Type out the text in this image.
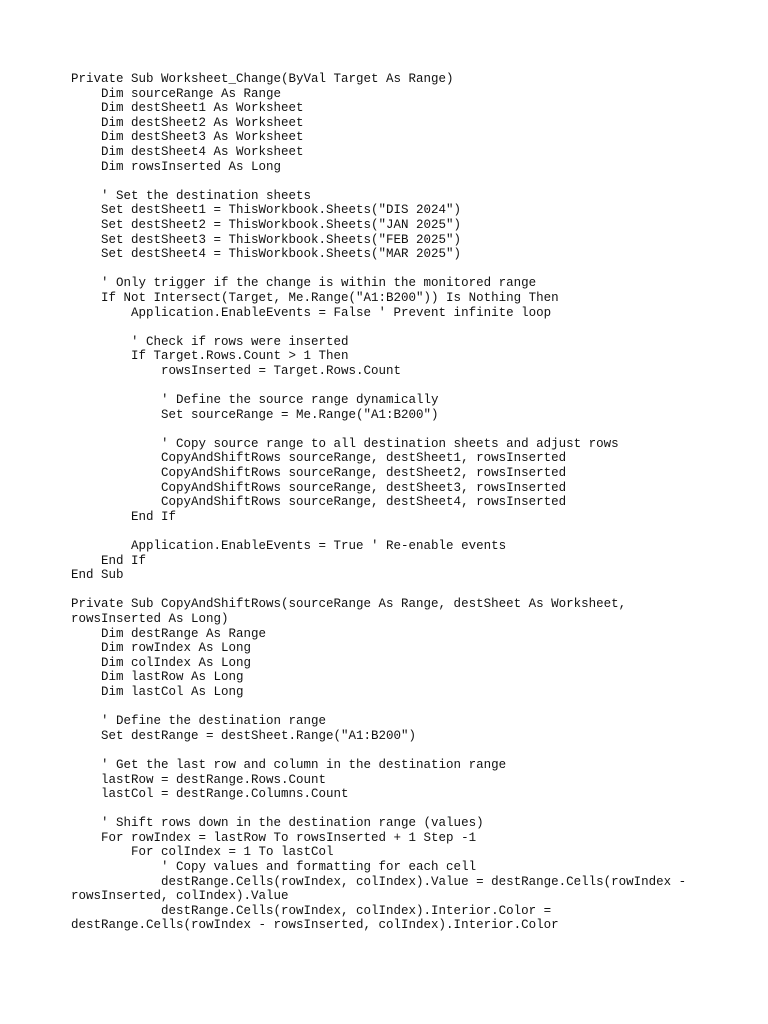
Private Sub Worksheet_Change(ByVal Target As Range)
Dim sourceRange As Range
Dim destSheet1 As Worksheet
Dim destSheet2 As Worksheet
Dim destSheet3 As Worksheet
Dim destSheet4 As Worksheet
Dim rowsInserted As Long
' Set the destination sheets
Set destSheet1 = ThisWorkbook.Sheets("DIS 2024")
Set destSheet2 = ThisWorkbook.Sheets("JAN 2025")
Set destSheet3 = ThisWorkbook.Sheets("FEB 2025")
Set destSheet4 = ThisWorkbook.Sheets("MAR 2025")
' Only trigger if the change is within the monitored range
If Not Intersect(Target, Me.Range("A1:B200")) Is Nothing Then
Application.EnableEvents = False ' Prevent infinite loop
' Check if rows were inserted
If Target.Rows.Count > 1 Then
rowsInserted = Target.Rows.Count
' Define the source range dynamically
Set sourceRange = Me.Range("A1:B200")
' Copy source range to all destination sheets and adjust rows
CopyAndShiftRows sourceRange, destSheet1, rowsInserted
CopyAndShiftRows sourceRange, destSheet2, rowsInserted
CopyAndShiftRows sourceRange, destSheet3, rowsInserted
CopyAndShiftRows sourceRange, destSheet4, rowsInserted
End If
Application.EnableEvents = True ' Re-enable events
End If
End Sub
Private Sub CopyAndShiftRows(sourceRange As Range, destSheet As Worksheet,
rowsInserted As Long)
Dim destRange As Range
Dim rowIndex As Long
Dim colIndex As Long
Dim lastRow As Long
Dim lastCol As Long
' Define the destination range
Set destRange = destSheet.Range("A1:B200")
' Get the last row and column in the destination range
lastRow = destRange.Rows.Count
lastCol = destRange.Columns.Count
' Shift rows down in the destination range (values)
For rowIndex = lastRow To rowsInserted + 1 Step -1
For colIndex = 1 To lastCol
' Copy values and formatting for each cell
destRange.Cells(rowIndex, colIndex).Value = destRange.Cells(rowIndex -
rowsInserted, colIndex).Value
destRange.Cells(rowIndex, colIndex).Interior.Color =
destRange.Cells(rowIndex - rowsInserted, colIndex).Interior.Color
